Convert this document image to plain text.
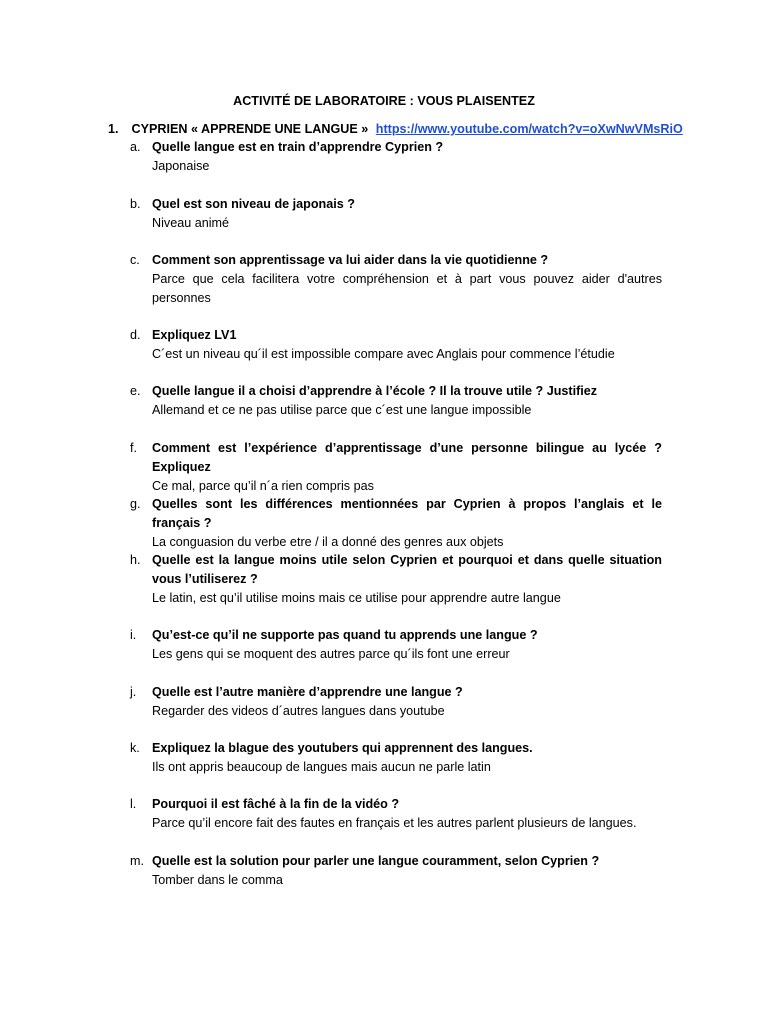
ACTIVITÉ DE LABORATOIRE : VOUS PLAISENTEZ
1. CYPRIEN « APPRENDE UNE LANGUE » https://www.youtube.com/watch?v=oXwNwVMsRiO
a. Quelle langue est en train d’apprendre Cyprien ?
Japonaise
b. Quel est son niveau de japonais ?
Niveau animé
c. Comment son apprentissage va lui aider dans la vie quotidienne ?
Parce que cela facilitera votre compréhension et à part vous pouvez aider d'autres personnes
d. Expliquez LV1
C´est un niveau qu´il est impossible compare avec Anglais pour commence l’étudie
e. Quelle langue il a choisi d’apprendre à l’école ? Il la trouve utile ? Justifiez
Allemand et ce ne pas utilise parce que c´est une langue impossible
f.	Comment est l’expérience d’apprentissage d’une personne bilingue au lycée ? Expliquez
Ce mal, parce qu’il n´a rien compris pas
g. Quelles sont les différences mentionnées par Cyprien à propos l’anglais et le français ?
La conguasion du verbe etre / il a donné des genres aux objets
h. Quelle est la langue moins utile selon Cyprien et pourquoi et dans quelle situation vous l’utiliserez ?
Le latin, est qu’il utilise moins mais ce utilise pour apprendre autre langue
i.	Qu’est-ce qu’il ne supporte pas quand tu apprends une langue ?
Les gens qui se moquent des autres parce qu´ils font une erreur
j.	Quelle est l’autre manière d’apprendre une langue ?
Regarder des videos d´autres langues dans youtube
k. Expliquez la blague des youtubers qui apprennent des langues.
Ils ont appris beaucoup de langues mais aucun ne parle latin
l.	Pourquoi il est fâché à la fin de la vidéo ?
Parce qu’il encore fait des fautes en français et les autres parlent plusieurs de langues.
m. Quelle est la solution pour parler une langue couramment, selon Cyprien ?
Tomber dans le comma
